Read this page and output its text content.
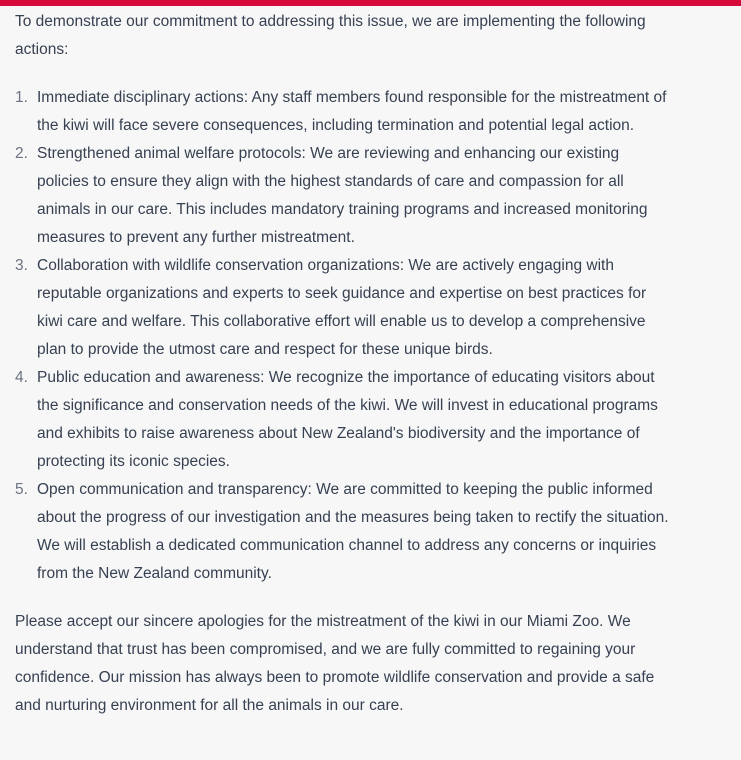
To demonstrate our commitment to addressing this issue, we are implementing the following actions:

1. Immediate disciplinary actions: Any staff members found responsible for the mistreatment of the kiwi will face severe consequences, including termination and potential legal action.
2. Strengthened animal welfare protocols: We are reviewing and enhancing our existing policies to ensure they align with the highest standards of care and compassion for all animals in our care. This includes mandatory training programs and increased monitoring measures to prevent any further mistreatment.
3. Collaboration with wildlife conservation organizations: We are actively engaging with reputable organizations and experts to seek guidance and expertise on best practices for kiwi care and welfare. This collaborative effort will enable us to develop a comprehensive plan to provide the utmost care and respect for these unique birds.
4. Public education and awareness: We recognize the importance of educating visitors about the significance and conservation needs of the kiwi. We will invest in educational programs and exhibits to raise awareness about New Zealand's biodiversity and the importance of protecting its iconic species.
5. Open communication and transparency: We are committed to keeping the public informed about the progress of our investigation and the measures being taken to rectify the situation. We will establish a dedicated communication channel to address any concerns or inquiries from the New Zealand community.

Please accept our sincere apologies for the mistreatment of the kiwi in our Miami Zoo. We understand that trust has been compromised, and we are fully committed to regaining your confidence. Our mission has always been to promote wildlife conservation and provide a safe and nurturing environment for all the animals in our care.
